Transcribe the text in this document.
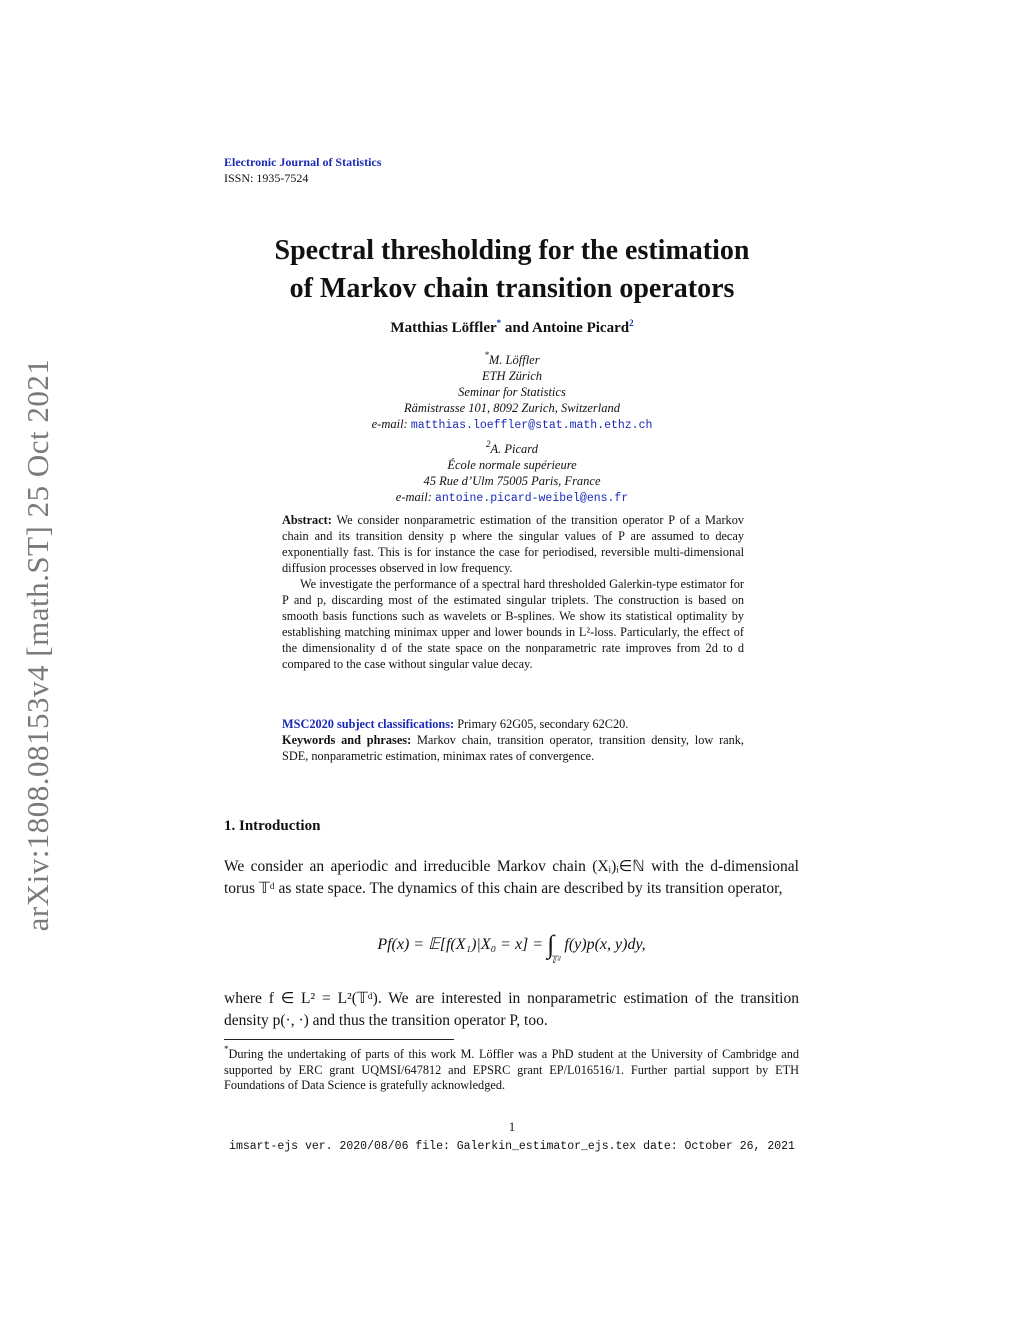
arXiv:1808.08153v4 [math.ST] 25 Oct 2021
Electronic Journal of Statistics
ISSN: 1935-7524
Spectral thresholding for the estimation
of Markov chain transition operators
Matthias Löffler* and Antoine Picard$^2$
*M. Löffler
ETH Zürich
Seminar for Statistics
Rämistrasse 101, 8092 Zurich, Switzerland
e-mail: matthias.loeffler@stat.math.ethz.ch
$^2$A. Picard
École normale supérieure
45 Rue d’Ulm 75005 Paris, France
e-mail: antoine.picard-weibel@ens.fr

Abstract: We consider nonparametric estimation of the transition operator P of a Markov chain and its transition density p where the singular values of P are assumed to decay exponentially fast. This is for instance the case for periodised, reversible multi-dimensional diffusion processes observed in low frequency.

We investigate the performance of a spectral hard thresholded Galerkin-type estimator for P and p, discarding most of the estimated singular triplets. The construction is based on smooth basis functions such as wavelets or B-splines. We show its statistical optimality by establishing matching minimax upper and lower bounds in L²-loss. Particularly, the effect of the dimensionality d of the state space on the nonparametric rate improves from 2d to d compared to the case without singular value decay.

MSC2020 subject classifications: Primary 62G05, secondary 62C20.

Keywords and phrases: Markov chain, transition operator, transition density, low rank, SDE, nonparametric estimation, minimax rates of convergence.

1. Introduction
We consider an aperiodic and irreducible Markov chain (Xᵢ)ᵢ∈ℕ with the d-dimensional torus 𝕋ᵈ as state space. The dynamics of this chain are described by its transition operator,
Pf(x) = 𝔼[f(X₁)|X₀ = $x] = \int_{𝕋ᵈ}$ f(y)p(x, y)dy,
where f ∈ L² = L²(𝕋ᵈ). We are interested in nonparametric estimation of the transition density p(·, ·) and thus the transition operator P, too.
*During the undertaking of parts of this work M. Löffler was a PhD student at the University of Cambridge and supported by ERC grant UQMSI/647812 and EPSRC grant EP/L016516/1. Further partial support by ETH Foundations of Data Science is gratefully acknowledged.
1
imsart-ejs ver. 2020/08/06 file: Galerkin_estimator_ejs.tex date: October 26, 2021
